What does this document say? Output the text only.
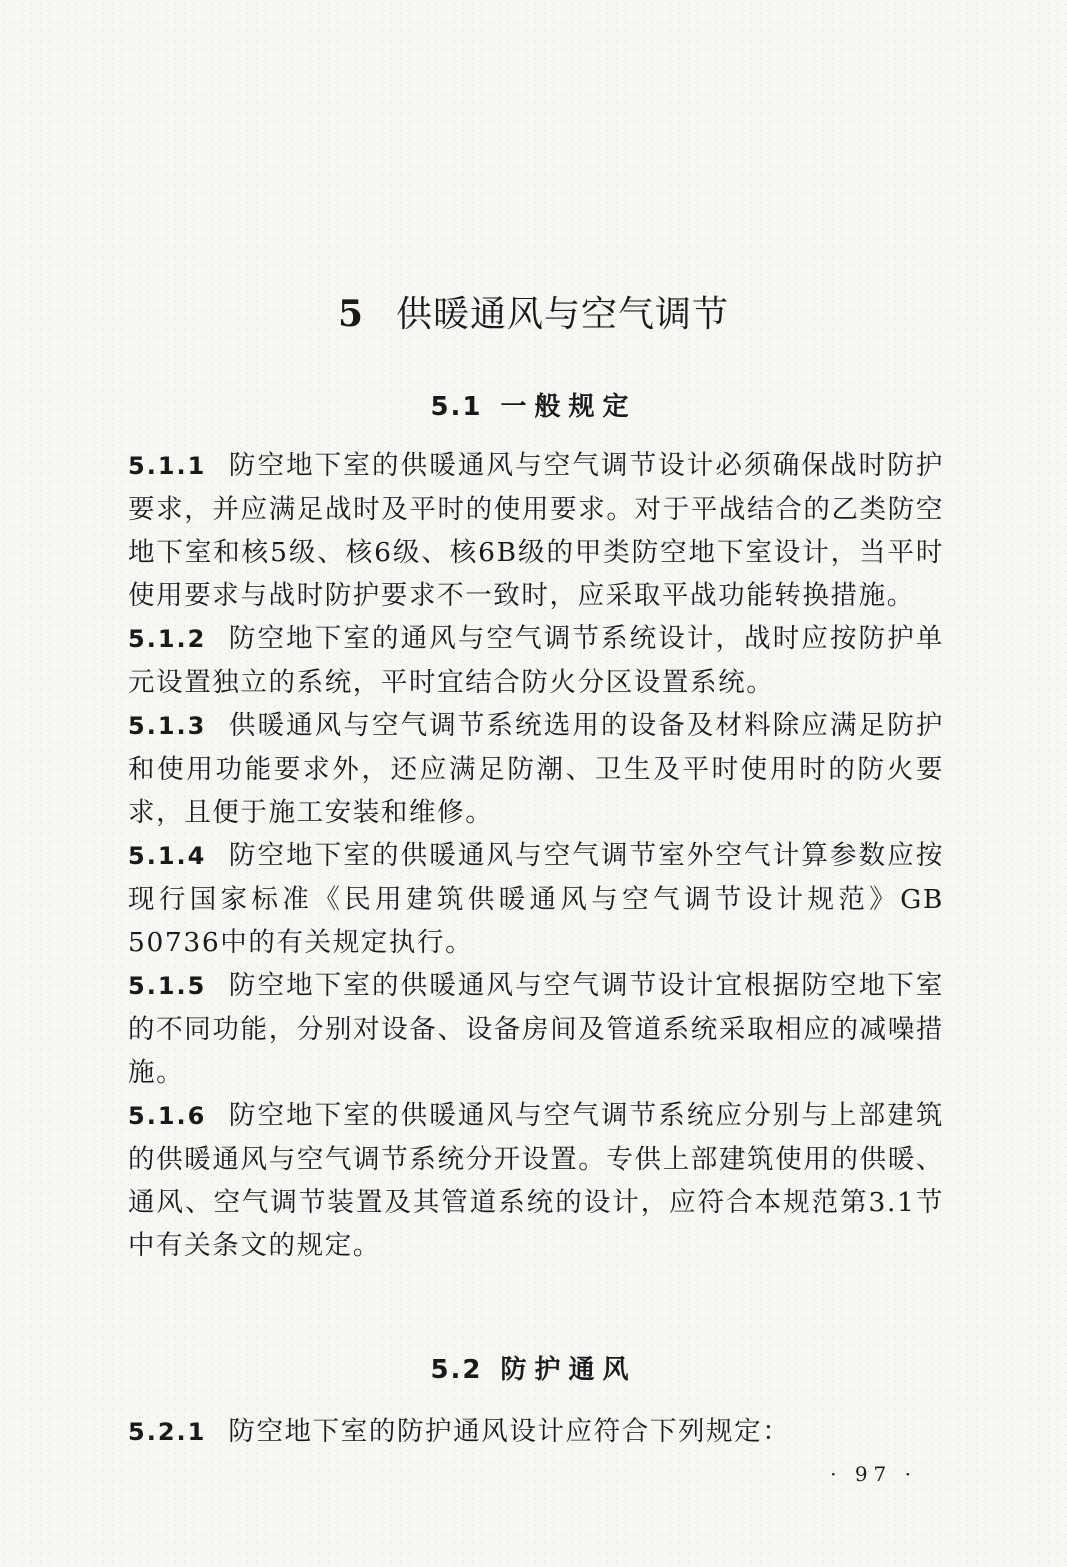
5 供暖通风与空气调节
5.1 一般规定

5.1.1 防空地下室的供暖通风与空气调节设计必须确保战时防护要求，并应满足战时及平时的使用要求。对于平战结合的乙类防空地下室和核5级、核6级、核6B级的甲类防空地下室设计，当平时使用要求与战时防护要求不一致时，应采取平战功能转换措施。

5.1.2 防空地下室的通风与空气调节系统设计，战时应按防护单元设置独立的系统，平时宜结合防火分区设置系统。

5.1.3 供暖通风与空气调节系统选用的设备及材料除应满足防护和使用功能要求外，还应满足防潮、卫生及平时使用时的防火要求，且便于施工安装和维修。

5.1.4 防空地下室的供暖通风与空气调节室外空气计算参数应按现行国家标准《民用建筑供暖通风与空气调节设计规范》GB 50736中的有关规定执行。

5.1.5 防空地下室的供暖通风与空气调节设计宜根据防空地下室的不同功能，分别对设备、设备房间及管道系统采取相应的减噪措施。

5.1.6 防空地下室的供暖通风与空气调节系统应分别与上部建筑的供暖通风与空气调节系统分开设置。专供上部建筑使用的供暖、通风、空气调节装置及其管道系统的设计，应符合本规范第3.1节中有关条文的规定。

5.2 防护通风

5.2.1 防空地下室的防护通风设计应符合下列规定：

· 97 ·
